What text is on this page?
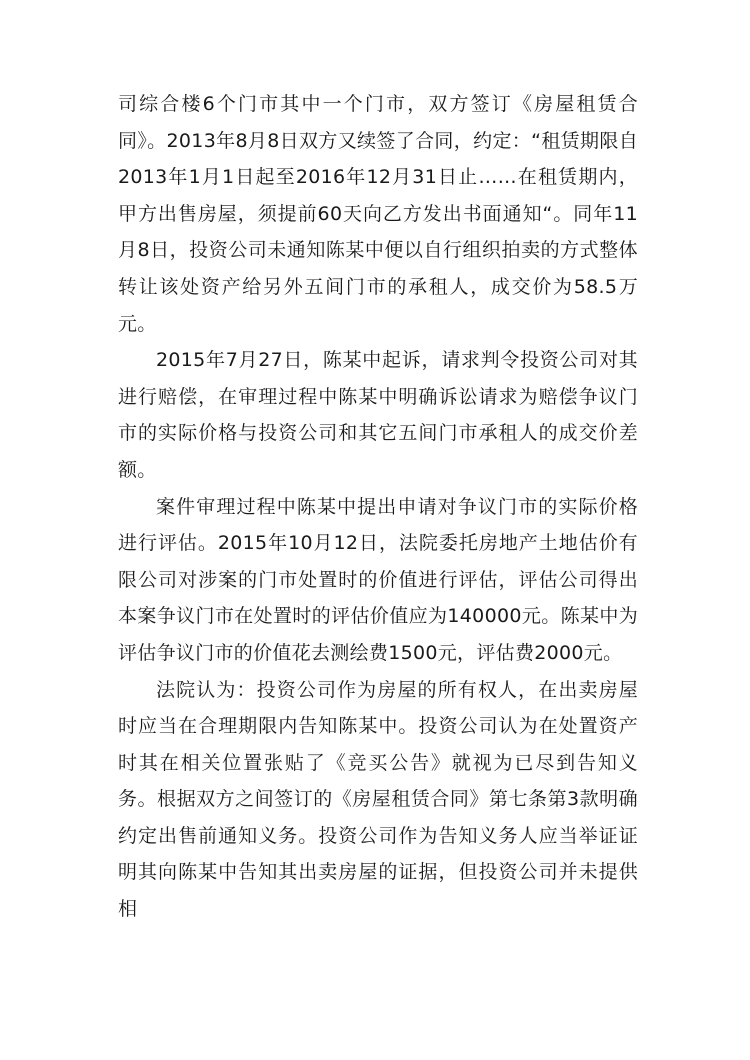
司综合楼6个门市其中一个门市，双方签订《房屋租赁合同》。2013年8月8日双方又续签了合同，约定：“租赁期限自2013年1月1日起至2016年12月31日止……在租赁期内，甲方出售房屋，须提前60天向乙方发出书面通知“。同年11月8日，投资公司未通知陈某中便以自行组织拍卖的方式整体转让该处资产给另外五间门市的承租人，成交价为58.5万元。

2015年7月27日，陈某中起诉，请求判令投资公司对其进行赔偿，在审理过程中陈某中明确诉讼请求为赔偿争议门市的实际价格与投资公司和其它五间门市承租人的成交价差额。

案件审理过程中陈某中提出申请对争议门市的实际价格进行评估。2015年10月12日，法院委托房地产土地估价有限公司对涉案的门市处置时的价值进行评估，评估公司得出本案争议门市在处置时的评估价值应为140000元。陈某中为评估争议门市的价值花去测绘费1500元，评估费2000元。

法院认为：投资公司作为房屋的所有权人，在出卖房屋时应当在合理期限内告知陈某中。投资公司认为在处置资产时其在相关位置张贴了《竞买公告》就视为已尽到告知义务。根据双方之间签订的《房屋租赁合同》第七条第3款明确约定出售前通知义务。投资公司作为告知义务人应当举证证明其向陈某中告知其出卖房屋的证据，但投资公司并未提供相
